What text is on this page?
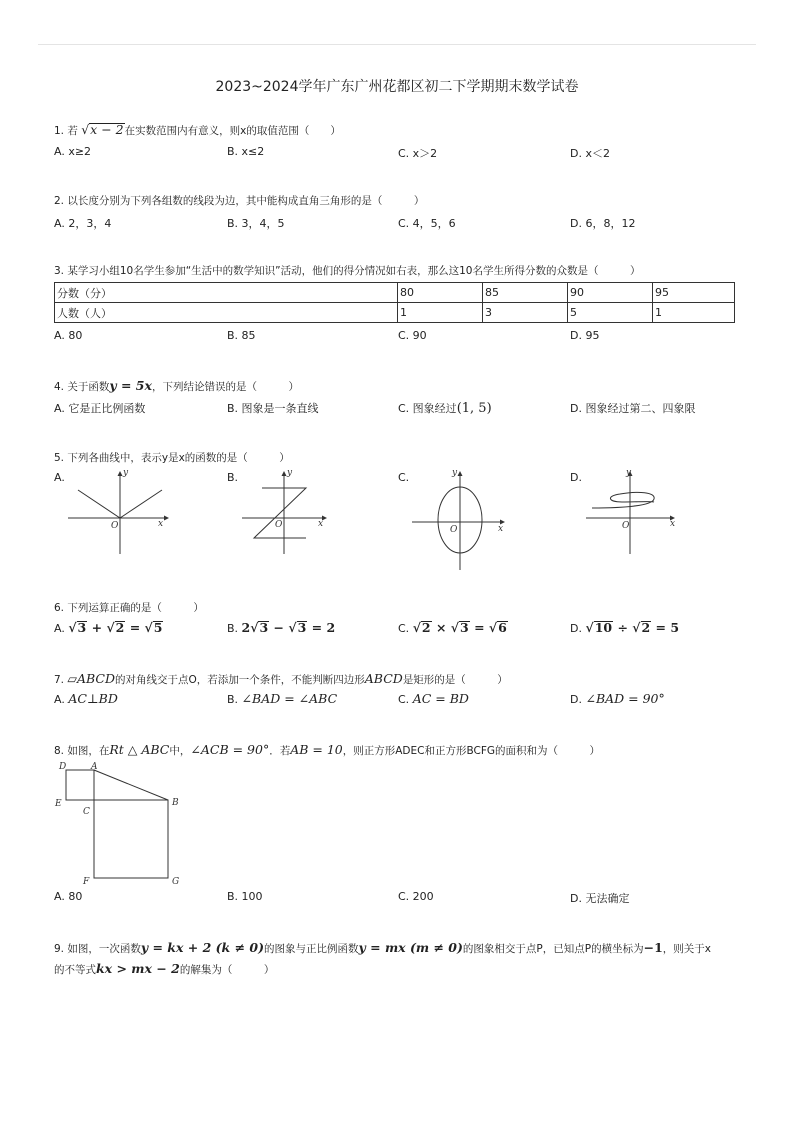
2023~2024学年广东广州花都区初二下学期期末数学试卷
1. 若 √x − 2在实数范围内有意义，则x的取值范围（　　）
A. x≥2	B. x≤2	C. x＞2	D. x＜2
2. 以长度分别为下列各组数的线段为边，其中能构成直角三角形的是（　　　）
A. 2，3，4	B. 3，4，5	C. 4，5，6	D. 6，8，12
3. 某学习小组10名学生参加“生活中的数学知识”活动，他们的得分情况如右表，那么这10名学生所得分数的众数是（　　　）
分数（分）	80	85	90	95
人数（人）	1	3	5	1
A. 80	B. 85	C. 90	D. 95
4. 关于函数y = 5x，下列结论错误的是（　　　）
A. 它是正比例函数	B. 图象是一条直线	C. 图象经过(1, 5)	D. 图象经过第二、四象限
5. 下列各曲线中，表示y是x的函数的是（　　　）
A.	B.	C.	D.
y
x
O
y
x
O
y
x
O
y
x
O
6. 下列运算正确的是（　　　）
A. √3 + √2 = √5	B. 2√3 − √3 = 2	C. √2 × √3 = √6	D. √10 ÷ √2 = 5
7. ▱ABCD的对角线交于点O，若添加一个条件，不能判断四边形ABCD是矩形的是（　　　）
A. AC⊥BD	B. ∠BAD = ∠ABC	C. AC = BD	D. ∠BAD = 90°
8. 如图，在Rt △ ABC中，∠ACB = 90°．若AB = 10，则正方形ADEC和正方形BCFG的面积和为（　　　）
D	A
E
C
B
F	G
A. 80	B. 100	C. 200	D. 无法确定
9. 如图，一次函数y = kx + 2 (k ≠ 0)的图象与正比例函数y = mx (m ≠ 0)的图象相交于点P，已知点P的横坐标为−1，则关于x
的不等式kx > mx − 2的解集为（　　　）
